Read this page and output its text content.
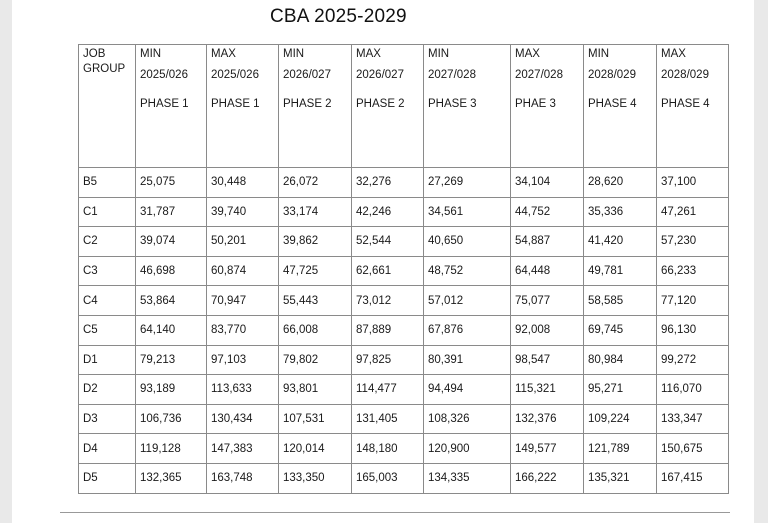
CBA 2025-2029
JOB
GROUP	MIN
2025/026
PHASE 1	MAX
2025/026
PHASE 1	MIN
2026/027
PHASE 2	MAX
2026/027
PHASE 2	MIN
2027/028
PHASE 3	MAX
2027/028
PHAE 3	MIN
2028/029
PHASE 4	MAX
2028/029
PHASE 4

B5	25,075	30,448	26,072	32,276	27,269	34,104	28,620	37,100
C1	31,787	39,740	33,174	42,246	34,561	44,752	35,336	47,261
C2	39,074	50,201	39,862	52,544	40,650	54,887	41,420	57,230
C3	46,698	60,874	47,725	62,661	48,752	64,448	49,781	66,233
C4	53,864	70,947	55,443	73,012	57,012	75,077	58,585	77,120
C5	64,140	83,770	66,008	87,889	67,876	92,008	69,745	96,130
D1	79,213	97,103	79,802	97,825	80,391	98,547	80,984	99,272
D2	93,189	113,633	93,801	114,477	94,494	115,321	95,271	116,070
D3	106,736	130,434	107,531	131,405	108,326	132,376	109,224	133,347
D4	119,128	147,383	120,014	148,180	120,900	149,577	121,789	150,675
D5	132,365	163,748	133,350	165,003	134,335	166,222	135,321	167,415
